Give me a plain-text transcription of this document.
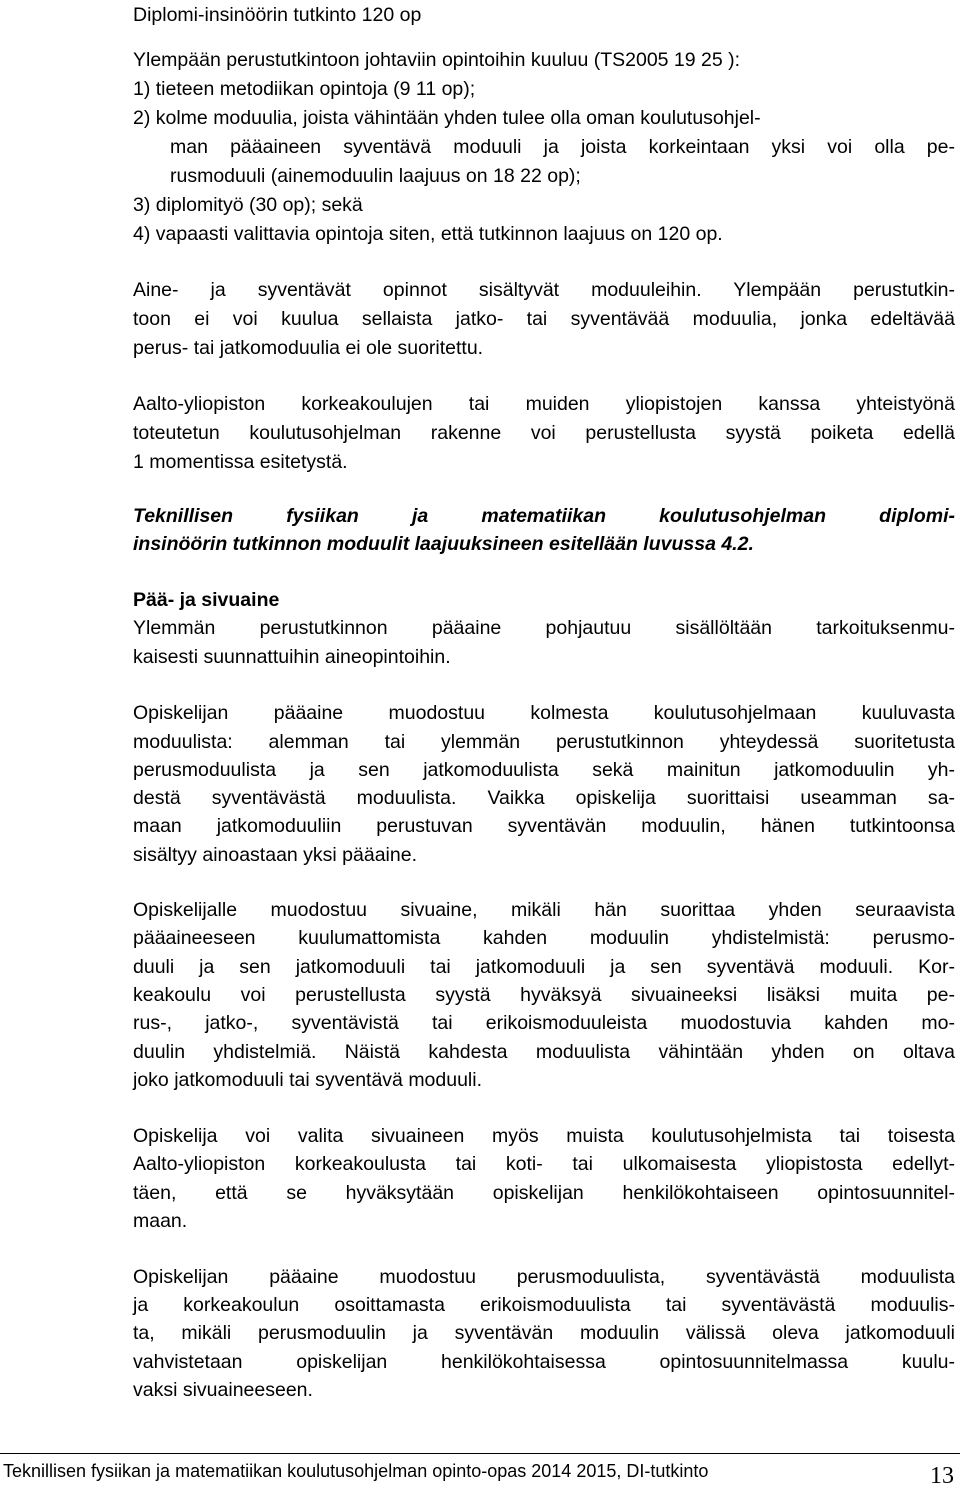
Diplomi-insinöörin tutkinto 120 op
Ylempään perustutkintoon johtaviin opintoihin kuuluu (TS2005 19 25 ):
1) tieteen metodiikan opintoja (9 11 op);
2) kolme moduulia, joista vähintään yhden tulee olla oman koulutusohjel-
man pääaineen syventävä moduuli ja joista korkeintaan yksi voi olla pe-
rusmoduuli (ainemoduulin laajuus on 18 22 op);
3) diplomityö (30 op); sekä
4) vapaasti valittavia opintoja siten, että tutkinnon laajuus on 120 op.
Aine- ja syventävät opinnot sisältyvät moduuleihin. Ylempään perustutkin-
toon ei voi kuulua sellaista jatko- tai syventävää moduulia, jonka edeltävää
perus- tai jatkomoduulia ei ole suoritettu.
Aalto-yliopiston korkeakoulujen tai muiden yliopistojen kanssa yhteistyönä
toteutetun koulutusohjelman rakenne voi perustellusta syystä poiketa edellä
1 momentissa esitetystä.
Teknillisen fysiikan ja matematiikan koulutusohjelman diplomi-
insinöörin tutkinnon moduulit laajuuksineen esitellään luvussa 4.2.
Pää- ja sivuaine
Ylemmän perustutkinnon pääaine pohjautuu sisällöltään tarkoituksenmu-
kaisesti suunnattuihin aineopintoihin.
Opiskelijan pääaine muodostuu kolmesta koulutusohjelmaan kuuluvasta
moduulista: alemman tai ylemmän perustutkinnon yhteydessä suoritetusta
perusmoduulista ja sen jatkomoduulista sekä mainitun jatkomoduulin yh-
destä syventävästä moduulista. Vaikka opiskelija suorittaisi useamman sa-
maan jatkomoduuliin perustuvan syventävän moduulin, hänen tutkintoonsa
sisältyy ainoastaan yksi pääaine.
Opiskelijalle muodostuu sivuaine, mikäli hän suorittaa yhden seuraavista
pääaineeseen kuulumattomista kahden moduulin yhdistelmistä: perusmo-
duuli ja sen jatkomoduuli tai jatkomoduuli ja sen syventävä moduuli. Kor-
keakoulu voi perustellusta syystä hyväksyä sivuaineeksi lisäksi muita pe-
rus-, jatko-, syventävistä tai erikoismoduuleista muodostuvia kahden mo-
duulin yhdistelmiä. Näistä kahdesta moduulista vähintään yhden on oltava
joko jatkomoduuli tai syventävä moduuli.
Opiskelija voi valita sivuaineen myös muista koulutusohjelmista tai toisesta
Aalto-yliopiston korkeakoulusta tai koti- tai ulkomaisesta yliopistosta edellyt-
täen, että se hyväksytään opiskelijan henkilökohtaiseen opintosuunnitel-
maan.
Opiskelijan pääaine muodostuu perusmoduulista, syventävästä moduulista
ja korkeakoulun osoittamasta erikoismoduulista tai syventävästä moduulis-
ta, mikäli perusmoduulin ja syventävän moduulin välissä oleva jatkomoduuli
vahvistetaan opiskelijan henkilökohtaisessa opintosuunnitelmassa kuulu-
vaksi sivuaineeseen.
Teknillisen fysiikan ja matematiikan koulutusohjelman opinto-opas 2014 2015, DI-tutkinto	13
